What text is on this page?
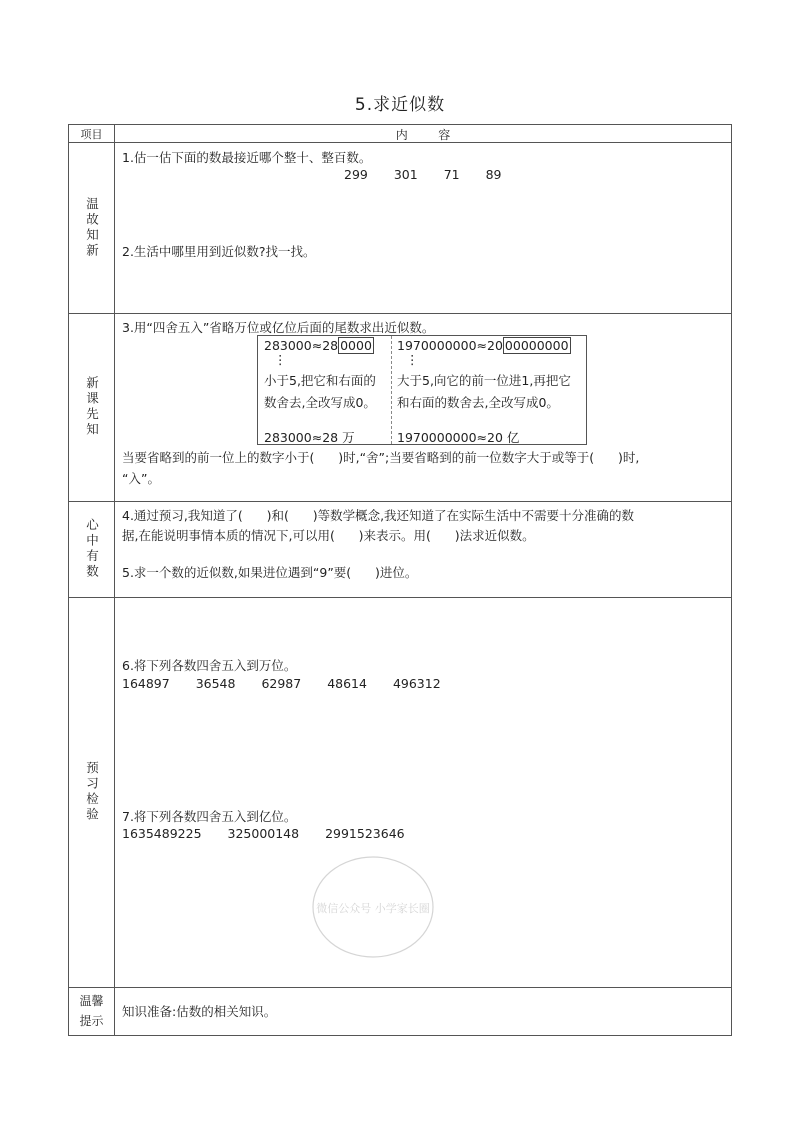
5.求近似数
项目	内        容
温故知新
1.估一估下面的数最接近哪个整十、整百数。
299 301 71 89
2.生活中哪里用到近似数?找一找。
新课先知
3.用“四舍五入”省略万位或亿位后面的尾数求出近似数。
283000≈28 0000
⋮
小于5,把它和右面的数舍去,全改写成0。
283000≈28 万
1970000000≈20 00000000
⋮
大于5,向它的前一位进1,再把它和右面的数舍去,全改写成0。
1970000000≈20 亿
当要省略到的前一位上的数字小于(      )时,“舍”;当要省略到的前一位数字大于或等于(      )时,
“入”。
心中有数
4.通过预习,我知道了(      )和(      )等数学概念,我还知道了在实际生活中不需要十分准确的数
据,在能说明事情本质的情况下,可以用(      )来表示。用(      )法求近似数。
5.求一个数的近似数,如果进位遇到“9”要(      )进位。
预习检验
6.将下列各数四舍五入到万位。
164897 36548 62987 48614 496312
7.将下列各数四舍五入到亿位。
1635489225 325000148 2991523646
温馨
提示
知识准备:估数的相关知识。
微信公众号 小学家长圈
